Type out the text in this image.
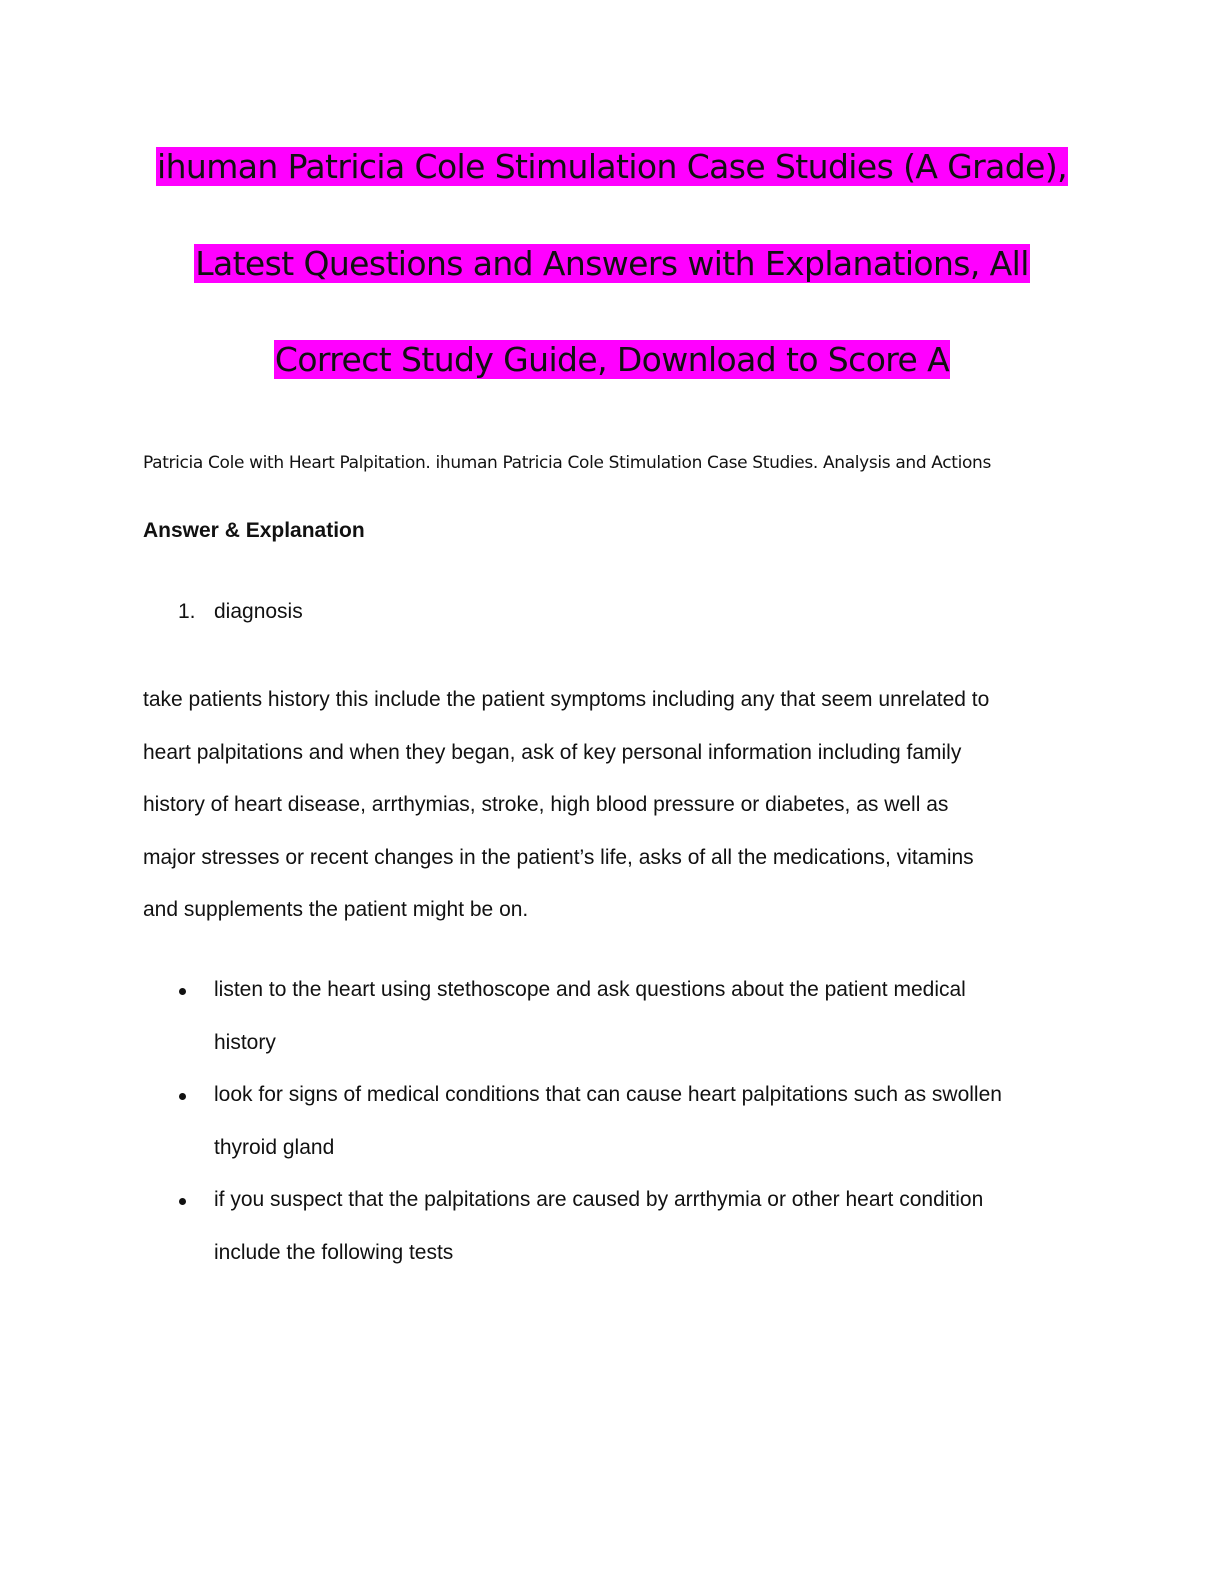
ihuman Patricia Cole Stimulation Case Studies (A Grade),
Latest Questions and Answers with Explanations, All
Correct Study Guide, Download to Score A
Patricia Cole with Heart Palpitation. ihuman Patricia Cole Stimulation Case Studies. Analysis and Actions
Answer & Explanation
1. diagnosis
take patients history this include the patient symptoms including any that seem unrelated to
heart palpitations and when they began, ask of key personal information including family
history of heart disease, arrthymias, stroke, high blood pressure or diabetes, as well as
major stresses or recent changes in the patient’s life, asks of all the medications, vitamins
and supplements the patient might be on.
listen to the heart using stethoscope and ask questions about the patient medical
history
look for signs of medical conditions that can cause heart palpitations such as swollen
thyroid gland
if you suspect that the palpitations are caused by arrthymia or other heart condition
include the following tests
